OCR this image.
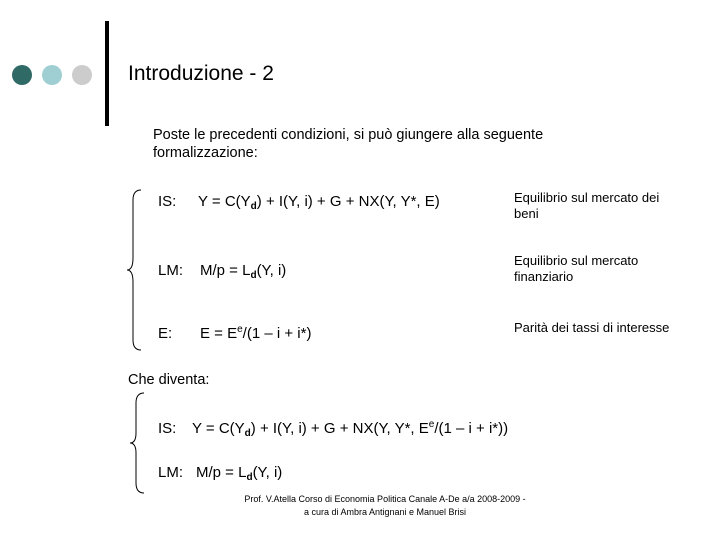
Introduzione - 2
Poste le precedenti condizioni, si può giungere alla seguente formalizzazione:
IS: $Y = C(Y_d) + I(Y$, i) + G + NX(Y, Y*, E)	Equilibrio sul mercato dei beni
LM: $M/p = L_d(Y$, i)
Equilibrio sul mercato finanziario
E: $E = E^e/(1 - i + i*)$	Parità dei tassi di interesse
Che diventa:
IS: $Y = C(Y_d) + I(Y$, i) + G + NX(Y, Y*, $E^e/(1 - i + i*)$)
LM: $M/p = L_d(Y$, i)
Prof. V.Atella Corso di Economia Politica Canale A-De a/a 2008-2009 -
a cura di Ambra Antignani e Manuel Brisi
